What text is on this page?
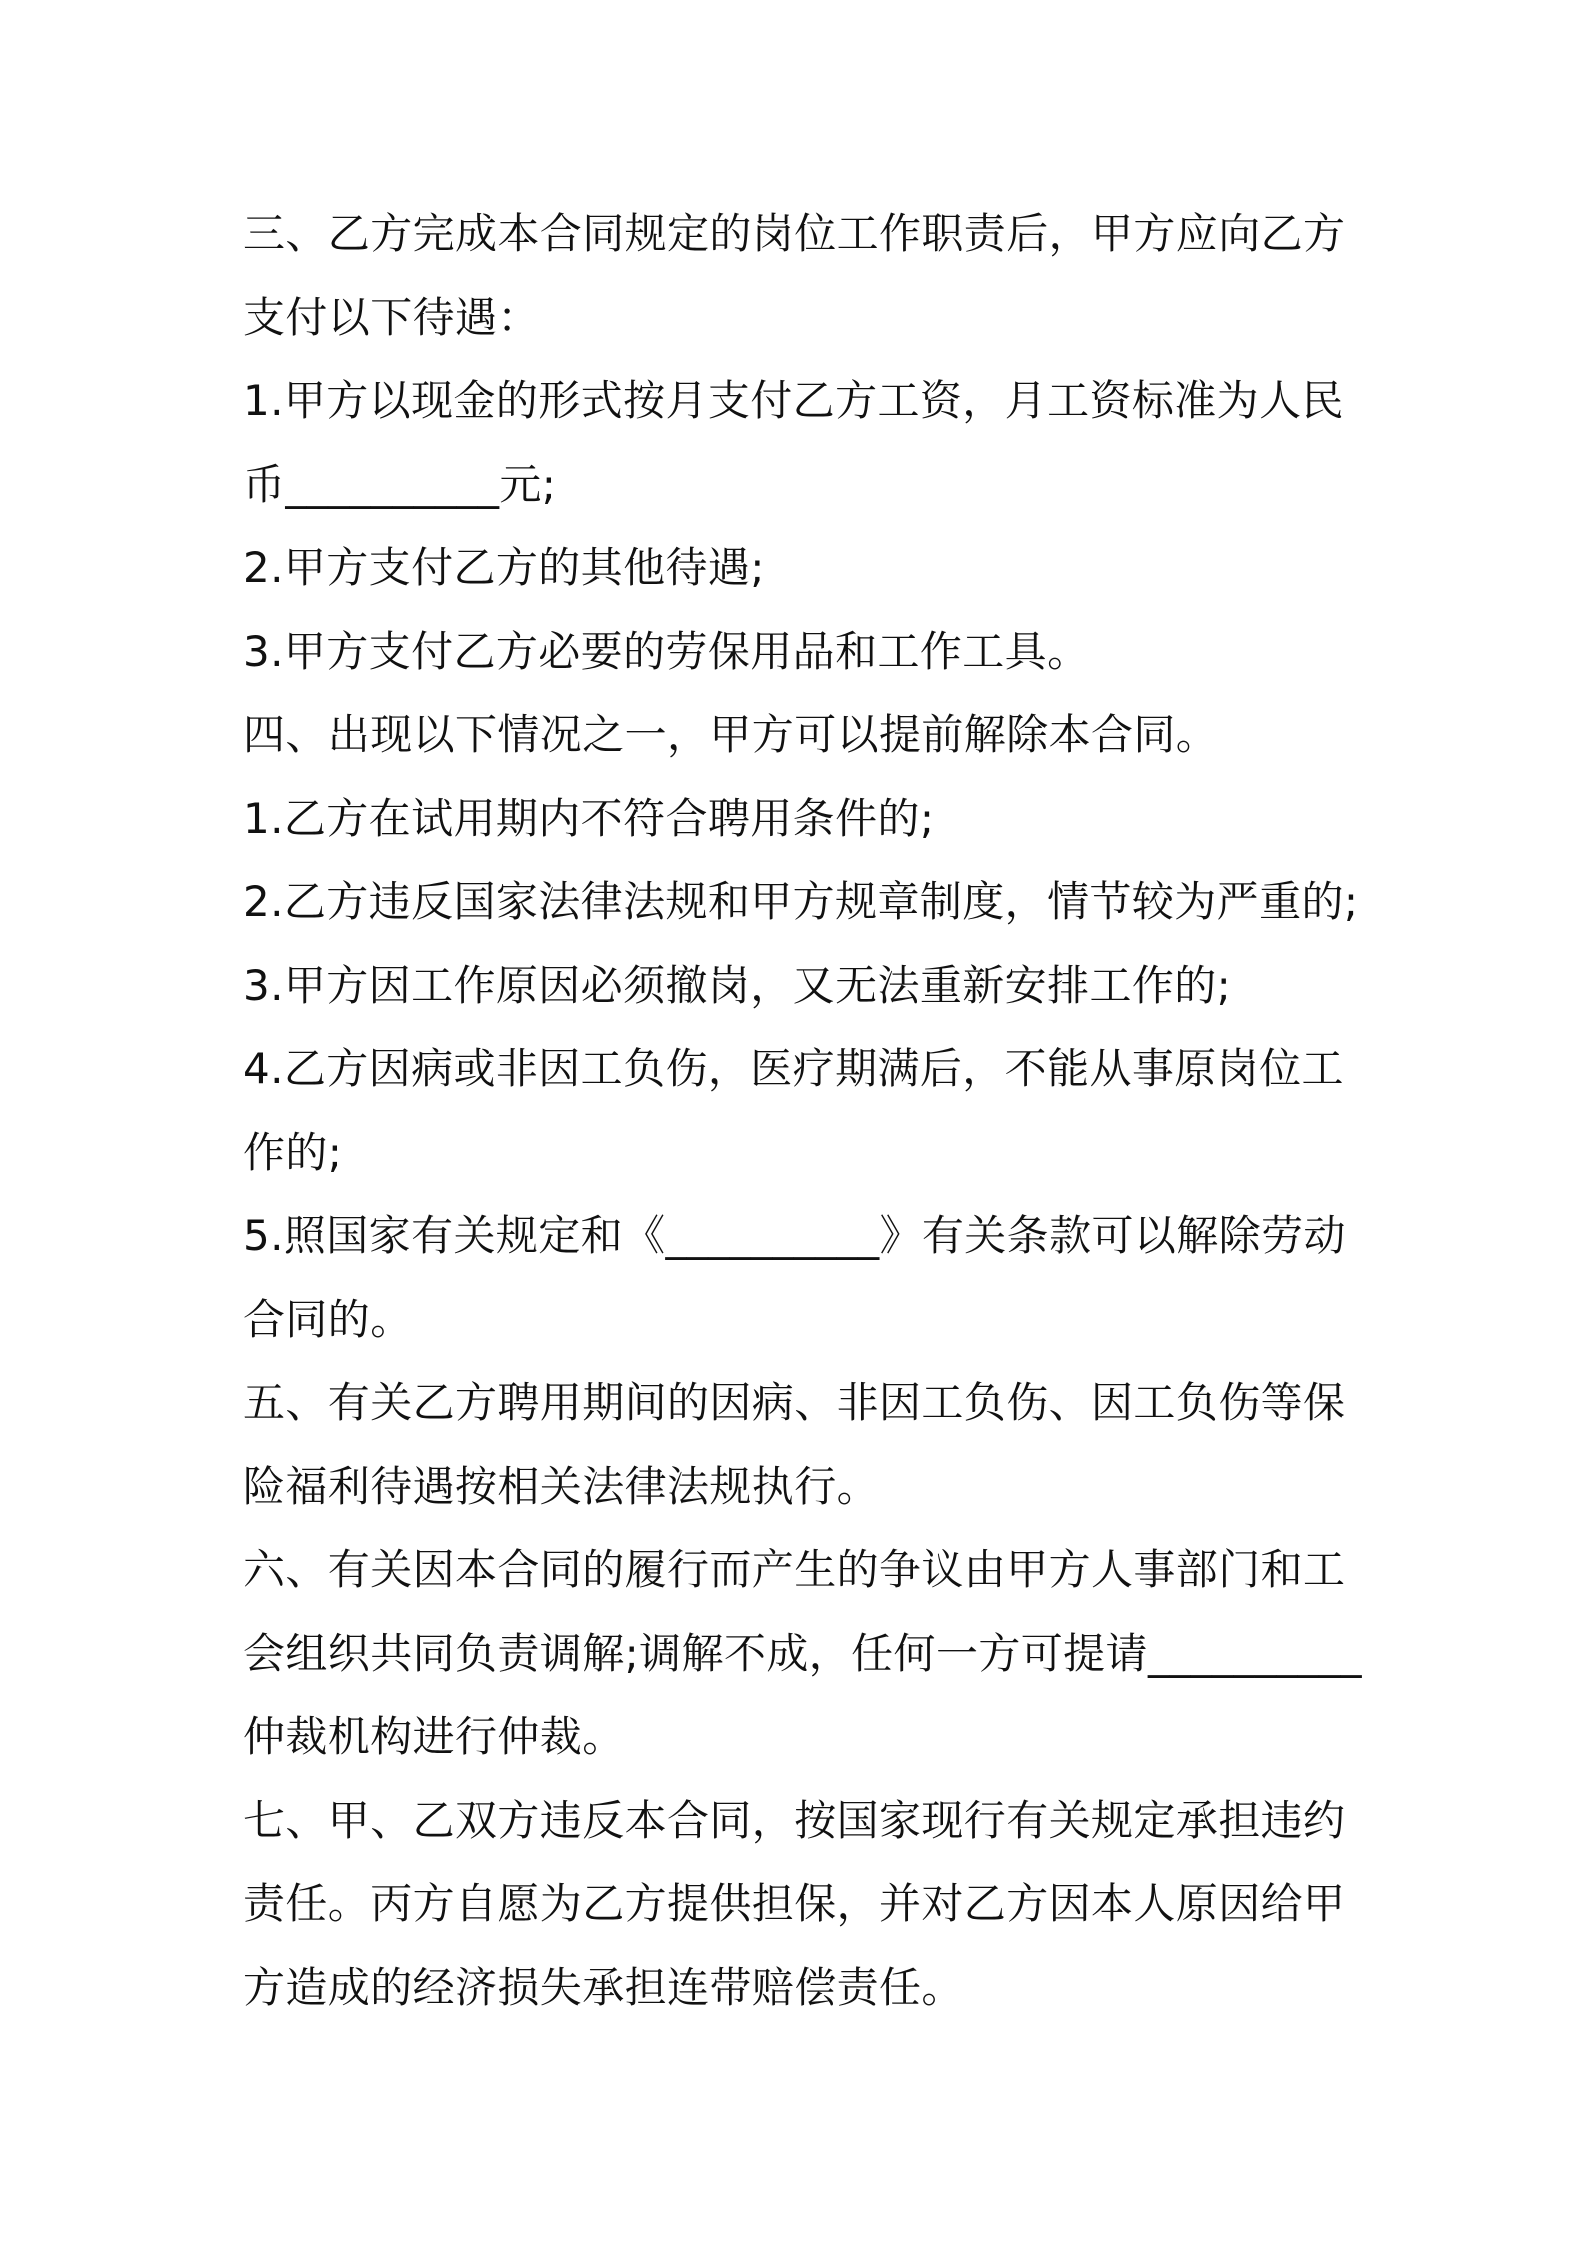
三、乙方完成本合同规定的岗位工作职责后，甲方应向乙方
支付以下待遇：
1.甲方以现金的形式按月支付乙方工资，月工资标准为人民
币__________元;
2.甲方支付乙方的其他待遇;
3.甲方支付乙方必要的劳保用品和工作工具。
四、出现以下情况之一，甲方可以提前解除本合同。
1.乙方在试用期内不符合聘用条件的;
2.乙方违反国家法律法规和甲方规章制度，情节较为严重的;
3.甲方因工作原因必须撤岗，又无法重新安排工作的;
4.乙方因病或非因工负伤，医疗期满后，不能从事原岗位工
作的;
5.照国家有关规定和《__________》有关条款可以解除劳动
合同的。
五、有关乙方聘用期间的因病、非因工负伤、因工负伤等保
险福利待遇按相关法律法规执行。
六、有关因本合同的履行而产生的争议由甲方人事部门和工
会组织共同负责调解;调解不成，任何一方可提请__________
仲裁机构进行仲裁。
七、甲、乙双方违反本合同，按国家现行有关规定承担违约
责任。丙方自愿为乙方提供担保，并对乙方因本人原因给甲
方造成的经济损失承担连带赔偿责任。
